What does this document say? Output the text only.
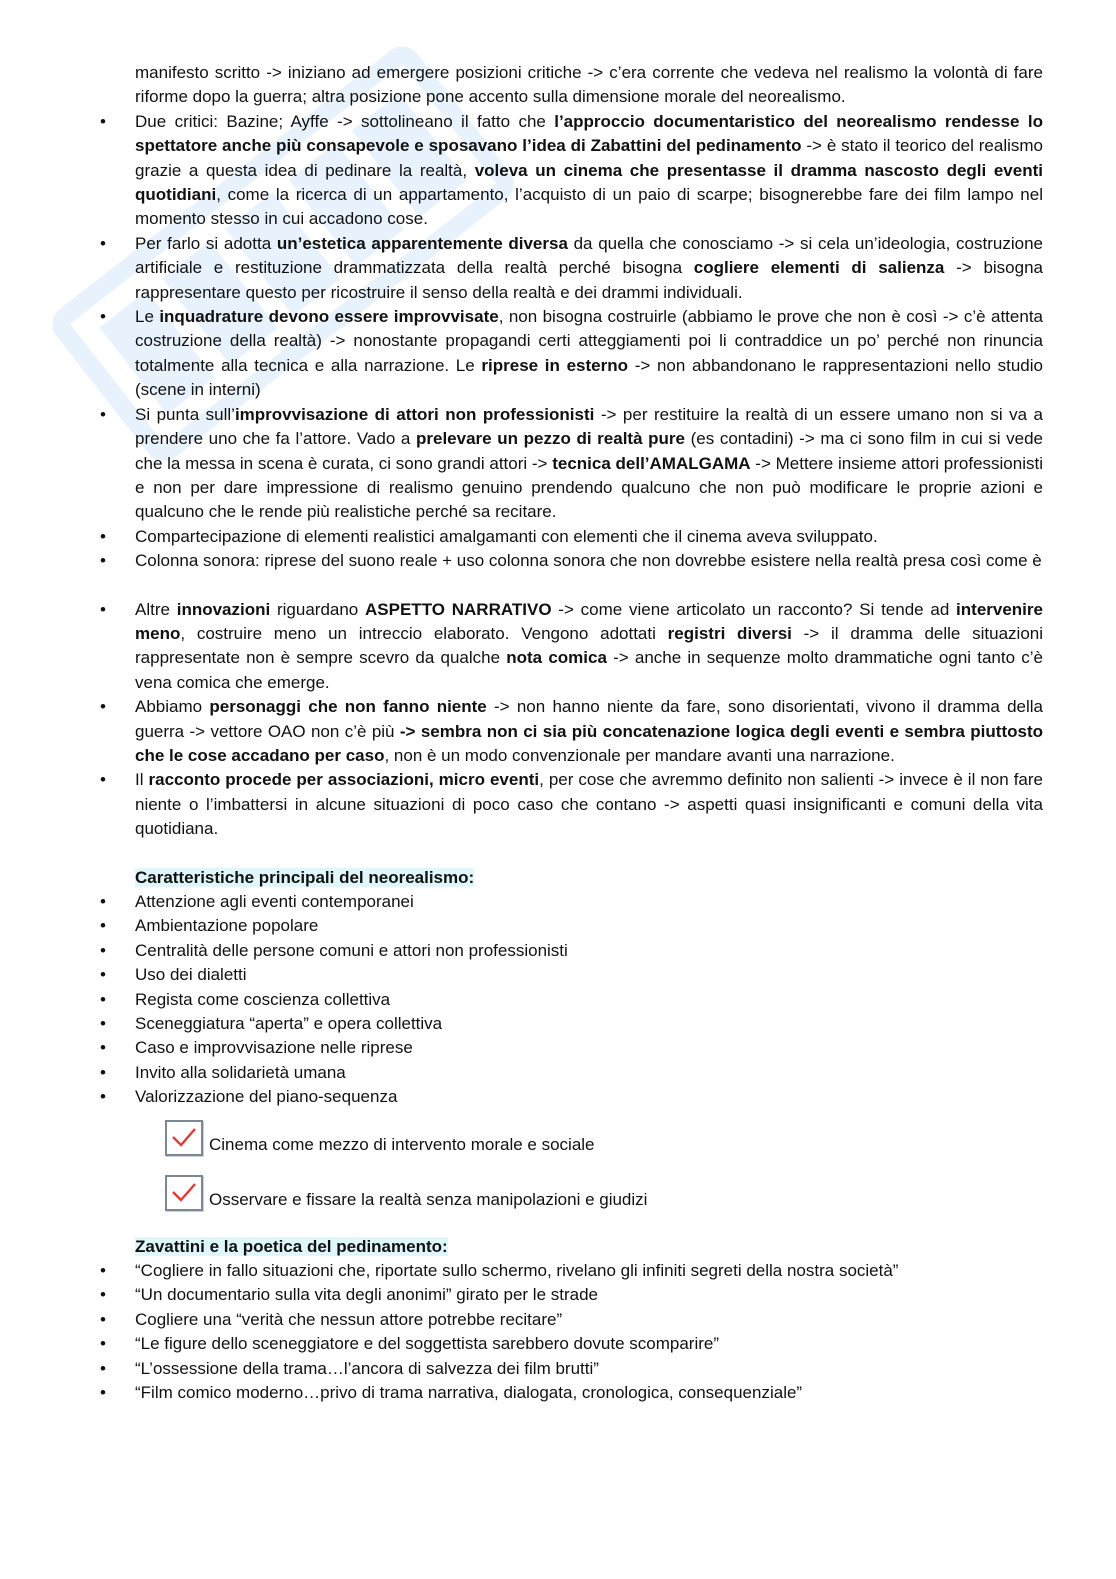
manifesto scritto -> iniziano ad emergere posizioni critiche -> c’era corrente che vedeva nel realismo la volontà di fare riforme dopo la guerra; altra posizione pone accento sulla dimensione morale del neorealismo.

• Due critici: Bazine; Ayffe -> sottolineano il fatto che l’approccio documentaristico del neorealismo rendesse lo spettatore anche più consapevole e sposavano l’idea di Zabattini del pedinamento -> è stato il teorico del realismo grazie a questa idea di pedinare la realtà, voleva un cinema che presentasse il dramma nascosto degli eventi quotidiani, come la ricerca di un appartamento, l’acquisto di un paio di scarpe; bisognerebbe fare dei film lampo nel momento stesso in cui accadono cose.
• Per farlo si adotta un’estetica apparentemente diversa da quella che conosciamo -> si cela un’ideologia, costruzione artificiale e restituzione drammatizzata della realtà perché bisogna cogliere elementi di salienza -> bisogna rappresentare questo per ricostruire il senso della realtà e dei drammi individuali.
• Le inquadrature devono essere improvvisate, non bisogna costruirle (abbiamo le prove che non è così -> c’è attenta costruzione della realtà) -> nonostante propagandi certi atteggiamenti poi li contraddice un po’ perché non rinuncia totalmente alla tecnica e alla narrazione. Le riprese in esterno -> non abbandonano le rappresentazioni nello studio (scene in interni)
• Si punta sull’improvvisazione di attori non professionisti -> per restituire la realtà di un essere umano non si va a prendere uno che fa l’attore. Vado a prelevare un pezzo di realtà pure (es contadini) -> ma ci sono film in cui si vede che la messa in scena è curata, ci sono grandi attori -> tecnica dell’AMALGAMA -> Mettere insieme attori professionisti e non per dare impressione di realismo genuino prendendo qualcuno che non può modificare le proprie azioni e qualcuno che le rende più realistiche perché sa recitare.
• Compartecipazione di elementi realistici amalgamanti con elementi che il cinema aveva sviluppato.
• Colonna sonora: riprese del suono reale + uso colonna sonora che non dovrebbe esistere nella realtà presa così come è
• Altre innovazioni riguardano ASPETTO NARRATIVO -> come viene articolato un racconto? Si tende ad intervenire meno, costruire meno un intreccio elaborato. Vengono adottati registri diversi -> il dramma delle situazioni rappresentate non è sempre scevro da qualche nota comica -> anche in sequenze molto drammatiche ogni tanto c’è vena comica che emerge.
• Abbiamo personaggi che non fanno niente -> non hanno niente da fare, sono disorientati, vivono il dramma della guerra -> vettore OAO non c’è più -> sembra non ci sia più concatenazione logica degli eventi e sembra piuttosto che le cose accadano per caso, non è un modo convenzionale per mandare avanti una narrazione.
• Il racconto procede per associazioni, micro eventi, per cose che avremmo definito non salienti -> invece è il non fare niente o l’imbattersi in alcune situazioni di poco caso che contano -> aspetti quasi insignificanti e comuni della vita quotidiana.

Caratteristiche principali del neorealismo:

• Attenzione agli eventi contemporanei
• Ambientazione popolare
• Centralità delle persone comuni e attori non professionisti
• Uso dei dialetti
• Regista come coscienza collettiva
• Sceneggiatura “aperta” e opera collettiva
• Caso e improvvisazione nelle riprese
• Invito alla solidarietà umana
• Valorizzazione del piano-sequenza
Cinema come mezzo di intervento morale e sociale
Osservare e fissare la realtà senza manipolazioni e giudizi

Zavattini e la poetica del pedinamento:

• “Cogliere in fallo situazioni che, riportate sullo schermo, rivelano gli infiniti segreti della nostra società”
• “Un documentario sulla vita degli anonimi” girato per le strade
• Cogliere una “verità che nessun attore potrebbe recitare”
• “Le figure dello sceneggiatore e del soggettista sarebbero dovute scomparire”
• “L’ossessione della trama…l’ancora di salvezza dei film brutti”
• “Film comico moderno…privo di trama narrativa, dialogata, cronologica, consequenziale”
